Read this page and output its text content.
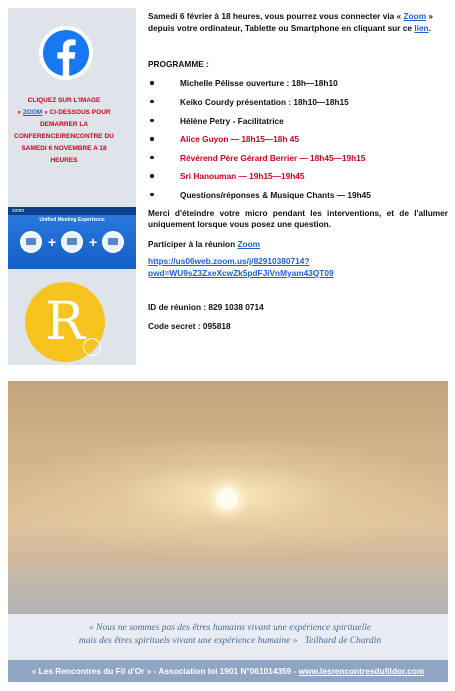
CLIQUEZ SUR L'IMAGE
« ZOOM » CI-DESSOUS POUR DEMARRER LA CONFERENCE/RENCONTRE DU SAMEDI 6 NOVEMBRE A 18 HEURES
zoom
Unified Meeting Experience
+ +
R

Samedi 6 février à 18 heures, vous pourrez vous connecter via « Zoom » depuis votre ordinateur, Tablette ou Smartphone en cliquant sur ce lien.

PROGRAMME :

Michelle Pélisse ouverture : 18h—18h10
Keiko Courdy présentation : 18h10—18h15
Hélène Petry - Facilitatrice
Alice Guyon — 18h15—18h 45
Révérend Père Gérard Berrier — 18h45—19h15
Sri Hanouman — 19h15—19h45
Questions/réponses & Musique Chants — 19h45

Merci d'éteindre votre micro pendant les interventions, et de l'allumer uniquement lorsque vous posez une question.

Participer à la réunion Zoom

https://us06web.zoom.us/j/82910380714?
pwd=WU9sZ3ZxeXcwZk5pdFJiVnMyam43QT09

ID de réunion : 829 1038 0714

Code secret : 095818

« Nous ne sommes pas des êtres humains vivant une expérience spirituelle
mais des êtres spirituels vivant une expérience humaine » Teilhard de Chardin
« Les Rencontres du Fil d'Or » - Association loi 1901 N°061014359 - www.lesrencontresdufildor.com
